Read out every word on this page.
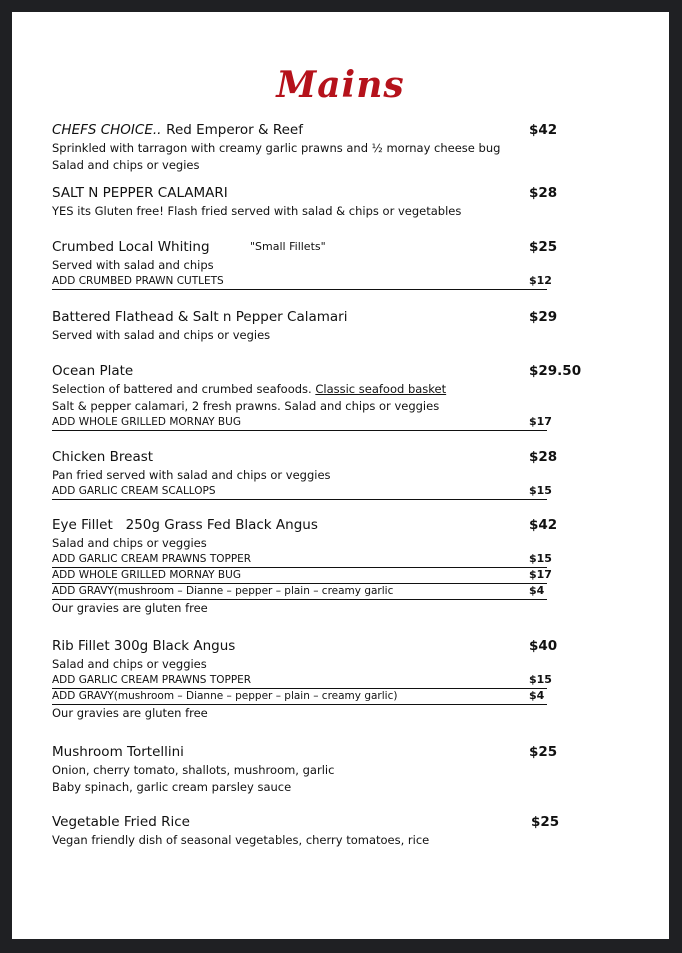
Mains
CHEFS CHOICE.. Red Emperor & Reef	$42
Sprinkled with tarragon with creamy garlic prawns and ½ mornay cheese bug
Salad and chips or vegies
SALT N PEPPER CALAMARI	$28
YES its Gluten free! Flash fried served with salad & chips or vegetables
Crumbed Local Whiting	"Small Fillets"	$25
Served with salad and chips
ADD CRUMBED PRAWN CUTLETS	$12
Battered Flathead & Salt n Pepper Calamari	$29
Served with salad and chips or vegies
Ocean Plate	$29.50
Selection of battered and crumbed seafoods. Classic seafood basket
Salt & pepper calamari, 2 fresh prawns. Salad and chips or veggies
ADD WHOLE GRILLED MORNAY BUG	$17
Chicken Breast	$28
Pan fried served with salad and chips or veggies
ADD GARLIC CREAM SCALLOPS	$15
Eye Fillet   250g Grass Fed Black Angus	$42
Salad and chips or veggies
ADD GARLIC CREAM PRAWNS TOPPER	$15
ADD WHOLE GRILLED MORNAY BUG	$17
ADD GRAVY(mushroom – Dianne – pepper – plain – creamy garlic	$4
Our gravies are gluten free
Rib Fillet 300g Black Angus	$40
Salad and chips or veggies
ADD GARLIC CREAM PRAWNS TOPPER	$15
ADD GRAVY(mushroom – Dianne – pepper – plain – creamy garlic)	$4
Our gravies are gluten free
Mushroom Tortellini	$25
Onion, cherry tomato, shallots, mushroom, garlic
Baby spinach, garlic cream parsley sauce
Vegetable Fried Rice	$25
Vegan friendly dish of seasonal vegetables, cherry tomatoes, rice
